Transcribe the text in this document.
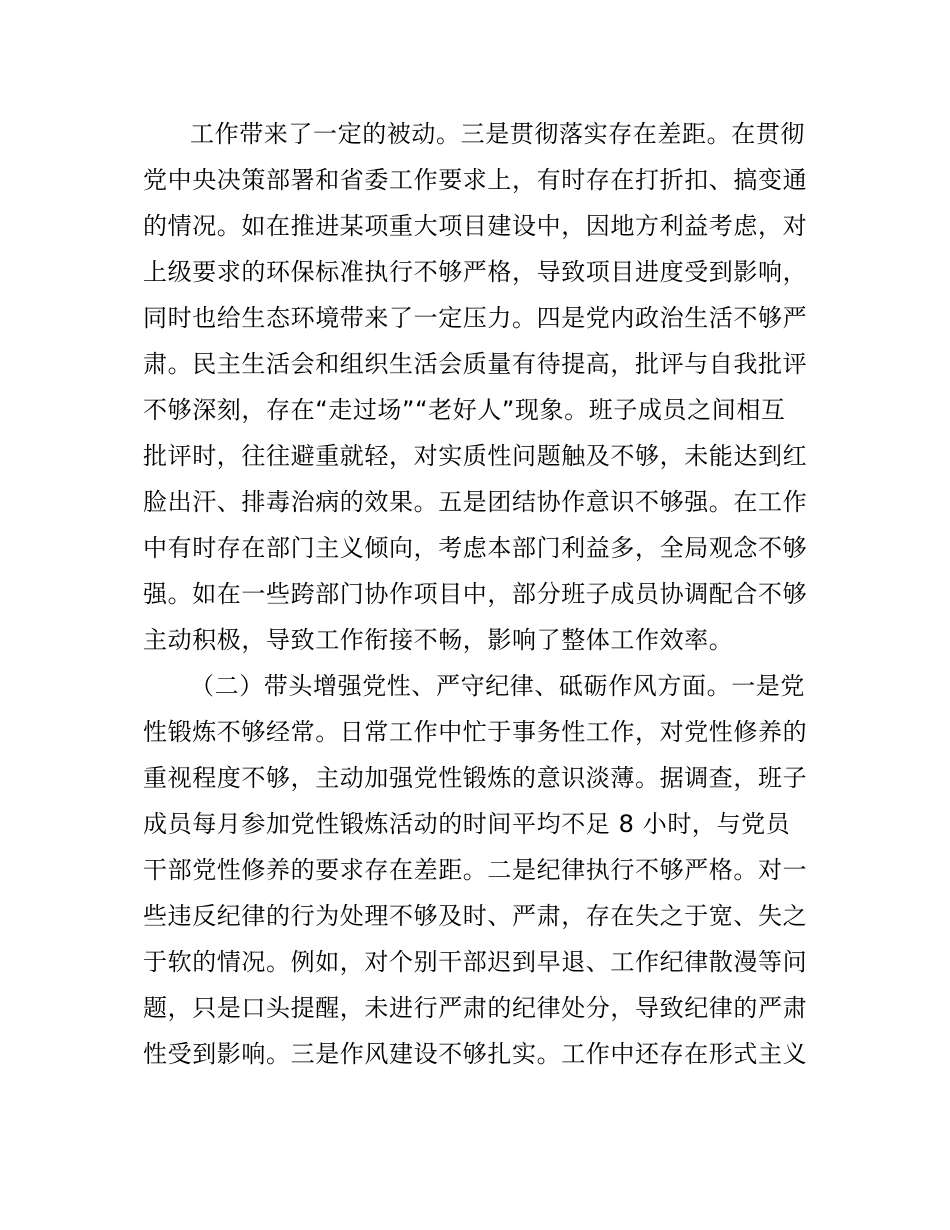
工作带来了一定的被动。三是贯彻落实存在差距。在贯彻
党中央决策部署和省委工作要求上，有时存在打折扣、搞变通
的情况。如在推进某项重大项目建设中，因地方利益考虑，对
上级要求的环保标准执行不够严格，导致项目进度受到影响，
同时也给生态环境带来了一定压力。四是党内政治生活不够严
肃。民主生活会和组织生活会质量有待提高，批评与自我批评
不够深刻，存在“走过场”“老好人”现象。班子成员之间相互
批评时，往往避重就轻，对实质性问题触及不够，未能达到红
脸出汗、排毒治病的效果。五是团结协作意识不够强。在工作
中有时存在部门主义倾向，考虑本部门利益多，全局观念不够
强。如在一些跨部门协作项目中，部分班子成员协调配合不够
主动积极，导致工作衔接不畅，影响了整体工作效率。
（二）带头增强党性、严守纪律、砥砺作风方面。一是党
性锻炼不够经常。日常工作中忙于事务性工作，对党性修养的
重视程度不够，主动加强党性锻炼的意识淡薄。据调查，班子
成员每月参加党性锻炼活动的时间平均不足 8 小时，与党员
干部党性修养的要求存在差距。二是纪律执行不够严格。对一
些违反纪律的行为处理不够及时、严肃，存在失之于宽、失之
于软的情况。例如，对个别干部迟到早退、工作纪律散漫等问
题，只是口头提醒，未进行严肃的纪律处分，导致纪律的严肃
性受到影响。三是作风建设不够扎实。工作中还存在形式主义
